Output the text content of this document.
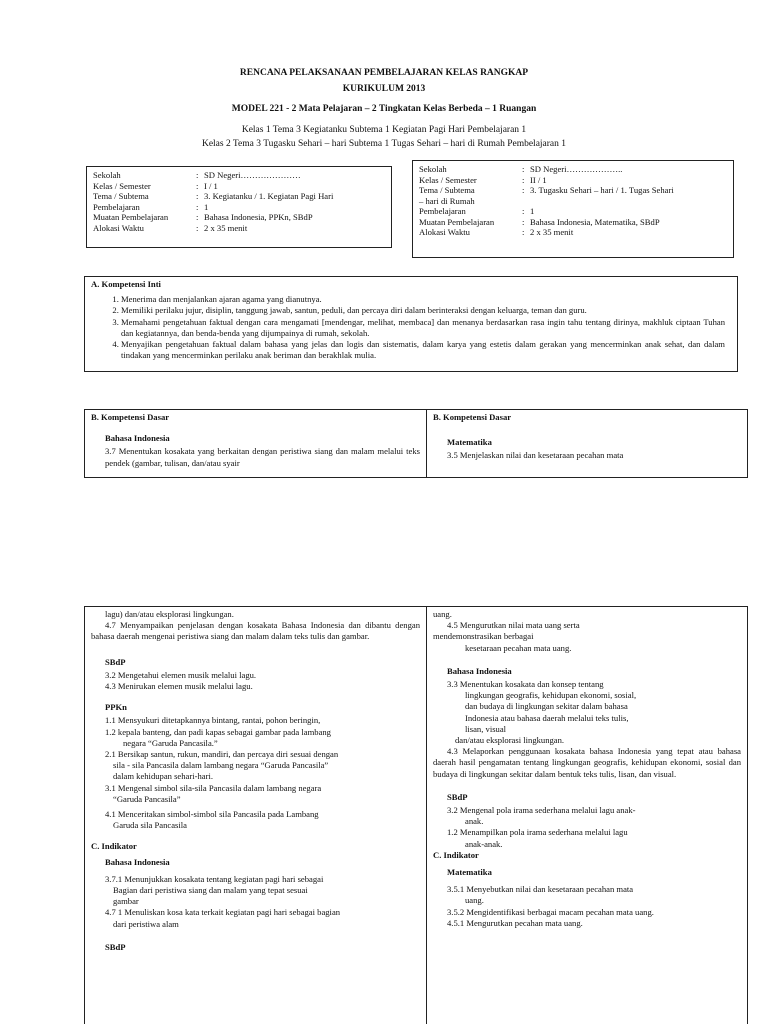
RENCANA PELAKSANAAN PEMBELAJARAN KELAS RANGKAP
KURIKULUM 2013
MODEL 221 - 2 Mata Pelajaran – 2 Tingkatan Kelas Berbeda – 1 Ruangan
Kelas 1 Tema 3 Kegiatanku Subtema 1 Kegiatan Pagi Hari Pembelajaran 1
Kelas 2 Tema 3 Tugasku Sehari – hari Subtema 1 Tugas Sehari – hari di Rumah Pembelajaran 1
Sekolah	: SD Negeri…………………
Kelas / Semester	: I / 1
Tema / Subtema	: 3. Kegiatanku / 1. Kegiatan Pagi Hari
Pembelajaran	: 1
Muatan Pembelajaran	: Bahasa Indonesia, PPKn, SBdP
Alokasi Waktu	: 2 x 35 menit
Sekolah	: SD Negeri………………..
Kelas / Semester	: II / 1
Tema / Subtema	: 3. Tugasku Sehari – hari / 1. Tugas Sehari
– hari di Rumah
Pembelajaran	: 1
Muatan Pembelajaran	: Bahasa Indonesia, Matematika, SBdP
Alokasi Waktu	: 2 x 35 menit
A. Kompetensi Inti
1. Menerima dan menjalankan ajaran agama yang dianutnya.
2. Memiliki perilaku jujur, disiplin, tanggung jawab, santun, peduli, dan percaya diri dalam berinteraksi dengan keluarga, teman dan guru.
3. Memahami pengetahuan faktual dengan cara mengamati [mendengar, melihat, membaca] dan menanya berdasarkan rasa ingin tahu tentang dirinya, makhluk ciptaan Tuhan dan kegiatannya, dan benda-benda yang dijumpainya di rumah, sekolah.
4. Menyajikan pengetahuan faktual dalam bahasa yang jelas dan logis dan sistematis, dalam karya yang estetis dalam gerakan yang mencerminkan anak sehat, dan dalam tindakan yang mencerminkan perilaku anak beriman dan berakhlak mulia.
B. Kompetensi Dasar
Bahasa Indonesia
3.7 Menentukan kosakata yang berkaitan dengan peristiwa siang dan malam melalui teks pendek (gambar, tulisan, dan/atau syair
B. Kompetensi Dasar
Matematika
3.5 Menjelaskan nilai dan kesetaraan pecahan mata
lagu) dan/atau eksplorasi lingkungan.
4.7 Menyampaikan penjelasan dengan kosakata Bahasa Indonesia dan dibantu dengan bahasa daerah mengenai peristiwa siang dan malam dalam teks tulis dan gambar.
SBdP
3.2 Mengetahui elemen musik melalui lagu.
4.3 Menirukan elemen musik melalui lagu.
PPKn
1.1 Mensyukuri ditetapkannya bintang, rantai, pohon beringin,
1.2 kepala banteng, dan padi kapas sebagai gambar pada lambang
negara “Garuda Pancasila.”
2.1 Bersikap santun, rukun, mandiri, dan percaya diri sesuai dengan
sila - sila Pancasila dalam lambang negara “Garuda Pancasila”
dalam kehidupan sehari-hari.
3.1 Mengenal simbol sila-sila Pancasila dalam lambang negara
“Garuda Pancasila”
4.1 Menceritakan simbol-simbol sila Pancasila pada Lambang
Garuda sila Pancasila
C. Indikator
Bahasa Indonesia
3.7.1 Menunjukkan kosakata tentang kegiatan pagi hari sebagai
Bagian dari peristiwa siang dan malam yang tepat sesuai
gambar
4.7 1 Menuliskan kosa kata terkait kegiatan pagi hari sebagai bagian
dari peristiwa alam
SBdP
uang.
4.5 Mengurutkan nilai mata uang serta
mendemonstrasikan berbagai
kesetaraan pecahan mata uang.
Bahasa Indonesia
3.3 Menentukan kosakata dan konsep tentang
lingkungan geografis, kehidupan ekonomi, sosial,
dan budaya di lingkungan sekitar dalam bahasa
Indonesia atau bahasa daerah melalui teks tulis,
lisan, visual
dan/atau eksplorasi lingkungan.
4.3 Melaporkan penggunaan kosakata bahasa Indonesia yang tepat atau bahasa daerah hasil pengamatan tentang lingkungan geografis, kehidupan ekonomi, sosial dan budaya di lingkungan sekitar dalam bentuk teks tulis, lisan, dan visual.
SBdP
3.2 Mengenal pola irama sederhana melalui lagu anak-
anak.
1.2 Menampilkan pola irama sederhana melalui lagu
anak-anak.
C. Indikator
Matematika
3.5.1 Menyebutkan nilai dan kesetaraan pecahan mata
uang.
3.5.2 Mengidentifikasi berbagai macam pecahan mata uang.
4.5.1 Mengurutkan pecahan mata uang.
